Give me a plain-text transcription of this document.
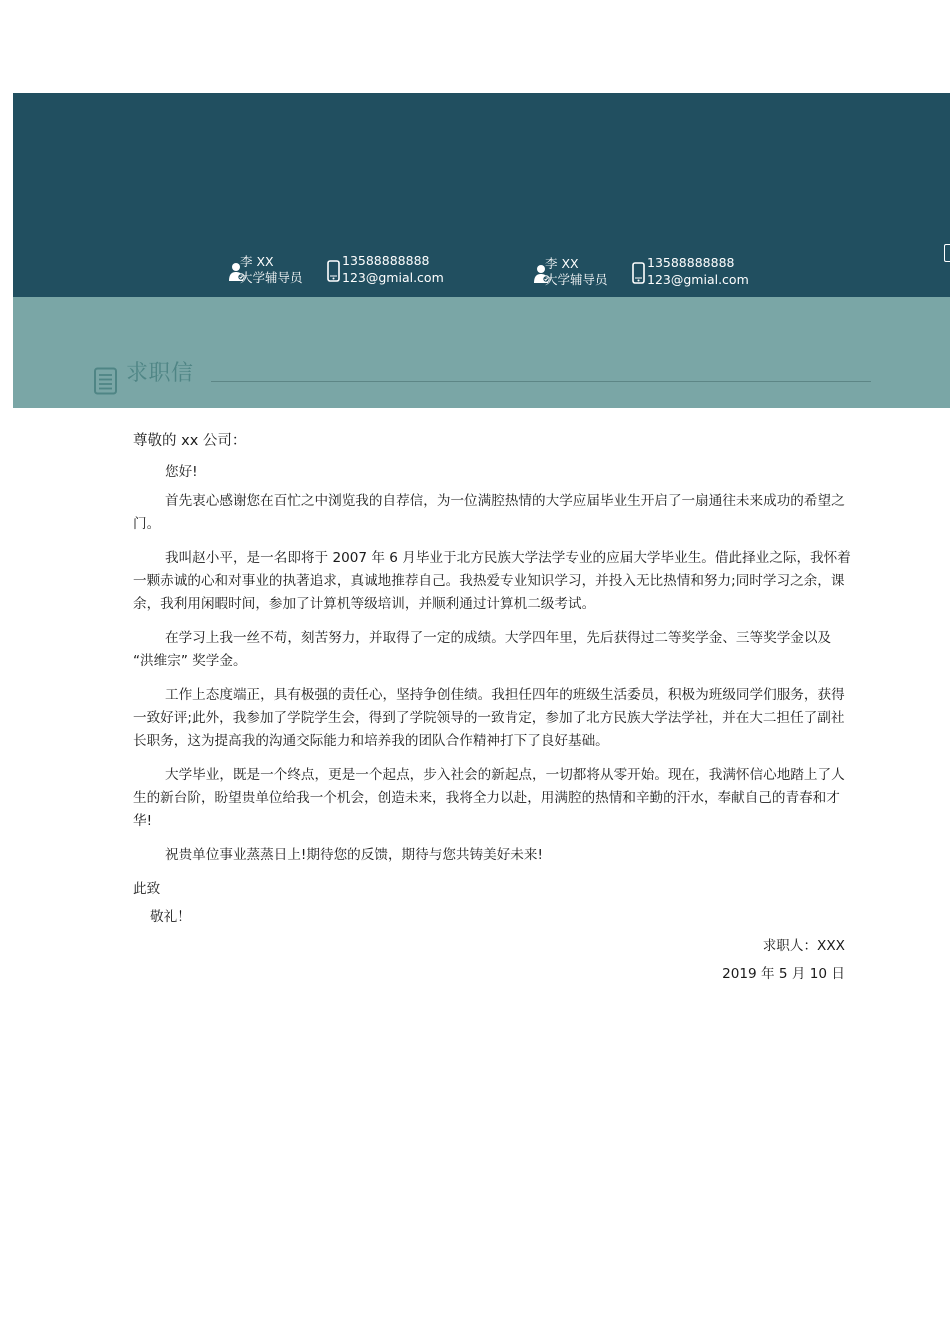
李 XX
大学辅导员
13588888888
123@gmial.com
李 XX
大学辅导员
13588888888
123@gmial.com
求职信

尊敬的 xx 公司：

您好!

首先衷心感谢您在百忙之中浏览我的自荐信，为一位满腔热情的大学应届毕业生开启了一扇通往未来成功的希望之门。

我叫赵小平，是一名即将于 2007 年 6 月毕业于北方民族大学法学专业的应届大学毕业生。借此择业之际，我怀着一颗赤诚的心和对事业的执著追求，真诚地推荐自己。我热爱专业知识学习，并投入无比热情和努力;同时学习之余，课余，我利用闲暇时间，参加了计算机等级培训，并顺利通过计算机二级考试。

在学习上我一丝不苟，刻苦努力，并取得了一定的成绩。大学四年里，先后获得过二等奖学金、三等奖学金以及 “洪维宗” 奖学金。

工作上态度端正，具有极强的责任心，坚持争创佳绩。我担任四年的班级生活委员，积极为班级同学们服务，获得一致好评;此外，我参加了学院学生会，得到了学院领导的一致肯定，参加了北方民族大学法学社，并在大二担任了副社长职务，这为提高我的沟通交际能力和培养我的团队合作精神打下了良好基础。

大学毕业，既是一个终点，更是一个起点，步入社会的新起点，一切都将从零开始。现在，我满怀信心地踏上了人生的新台阶，盼望贵单位给我一个机会，创造未来，我将全力以赴，用满腔的热情和辛勤的汗水，奉献自己的青春和才华!

祝贵单位事业蒸蒸日上!期待您的反馈，期待与您共铸美好未来!

此致

敬礼！

求职人：XXX

2019 年 5 月 10 日
